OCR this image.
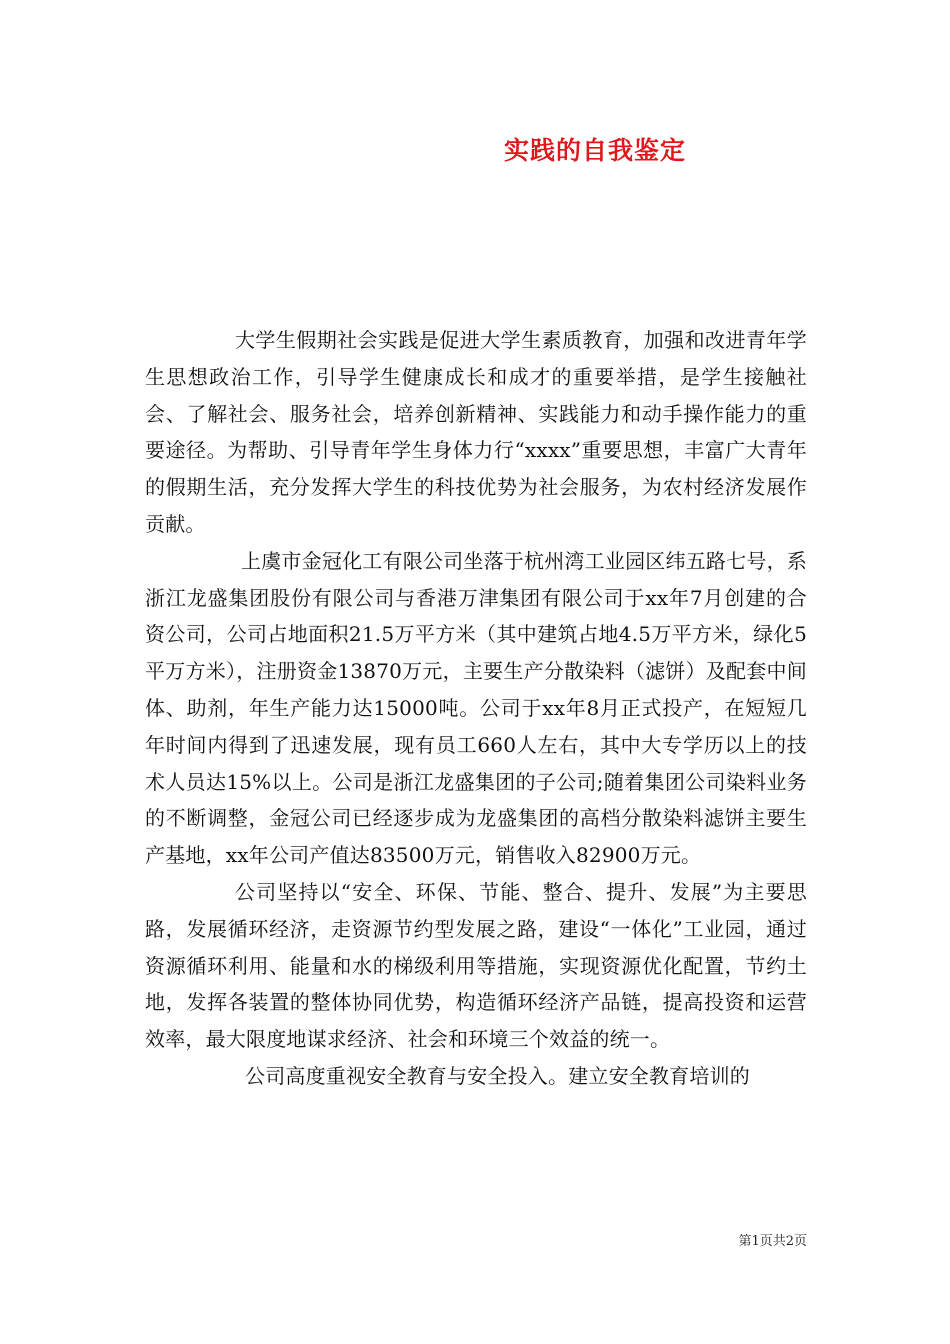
实践的自我鉴定

大学生假期社会实践是促进大学生素质教育，加强和改进青年学生思想政治工作，引导学生健康成长和成才的重要举措，是学生接触社会、了解社会、服务社会，培养创新精神、实践能力和动手操作能力的重要途径。为帮助、引导青年学生身体力行“xxxx”重要思想，丰富广大青年的假期生活，充分发挥大学生的科技优势为社会服务，为农村经济发展作贡献。

上虞市金冠化工有限公司坐落于杭州湾工业园区纬五路七号，系浙江龙盛集团股份有限公司与香港万津集团有限公司于xx年7月创建的合资公司，公司占地面积21.5万平方米（其中建筑占地4.5万平方米，绿化5平万方米），注册资金13870万元，主要生产分散染料（滤饼）及配套中间体、助剂，年生产能力达15000吨。公司于xx年8月正式投产，在短短几年时间内得到了迅速发展，现有员工660人左右，其中大专学历以上的技术人员达15%以上。公司是浙江龙盛集团的子公司;随着集团公司染料业务的不断调整，金冠公司已经逐步成为龙盛集团的高档分散染料滤饼主要生产基地，xx年公司产值达83500万元，销售收入82900万元。

公司坚持以“安全、环保、节能、整合、提升、发展”为主要思路，发展循环经济，走资源节约型发展之路，建设“一体化”工业园，通过资源循环利用、能量和水的梯级利用等措施，实现资源优化配置，节约土地，发挥各装置的整体协同优势，构造循环经济产品链，提高投资和运营效率，最大限度地谋求经济、社会和环境三个效益的统一。

公司高度重视安全教育与安全投入。建立安全教育培训的

第1页共2页
